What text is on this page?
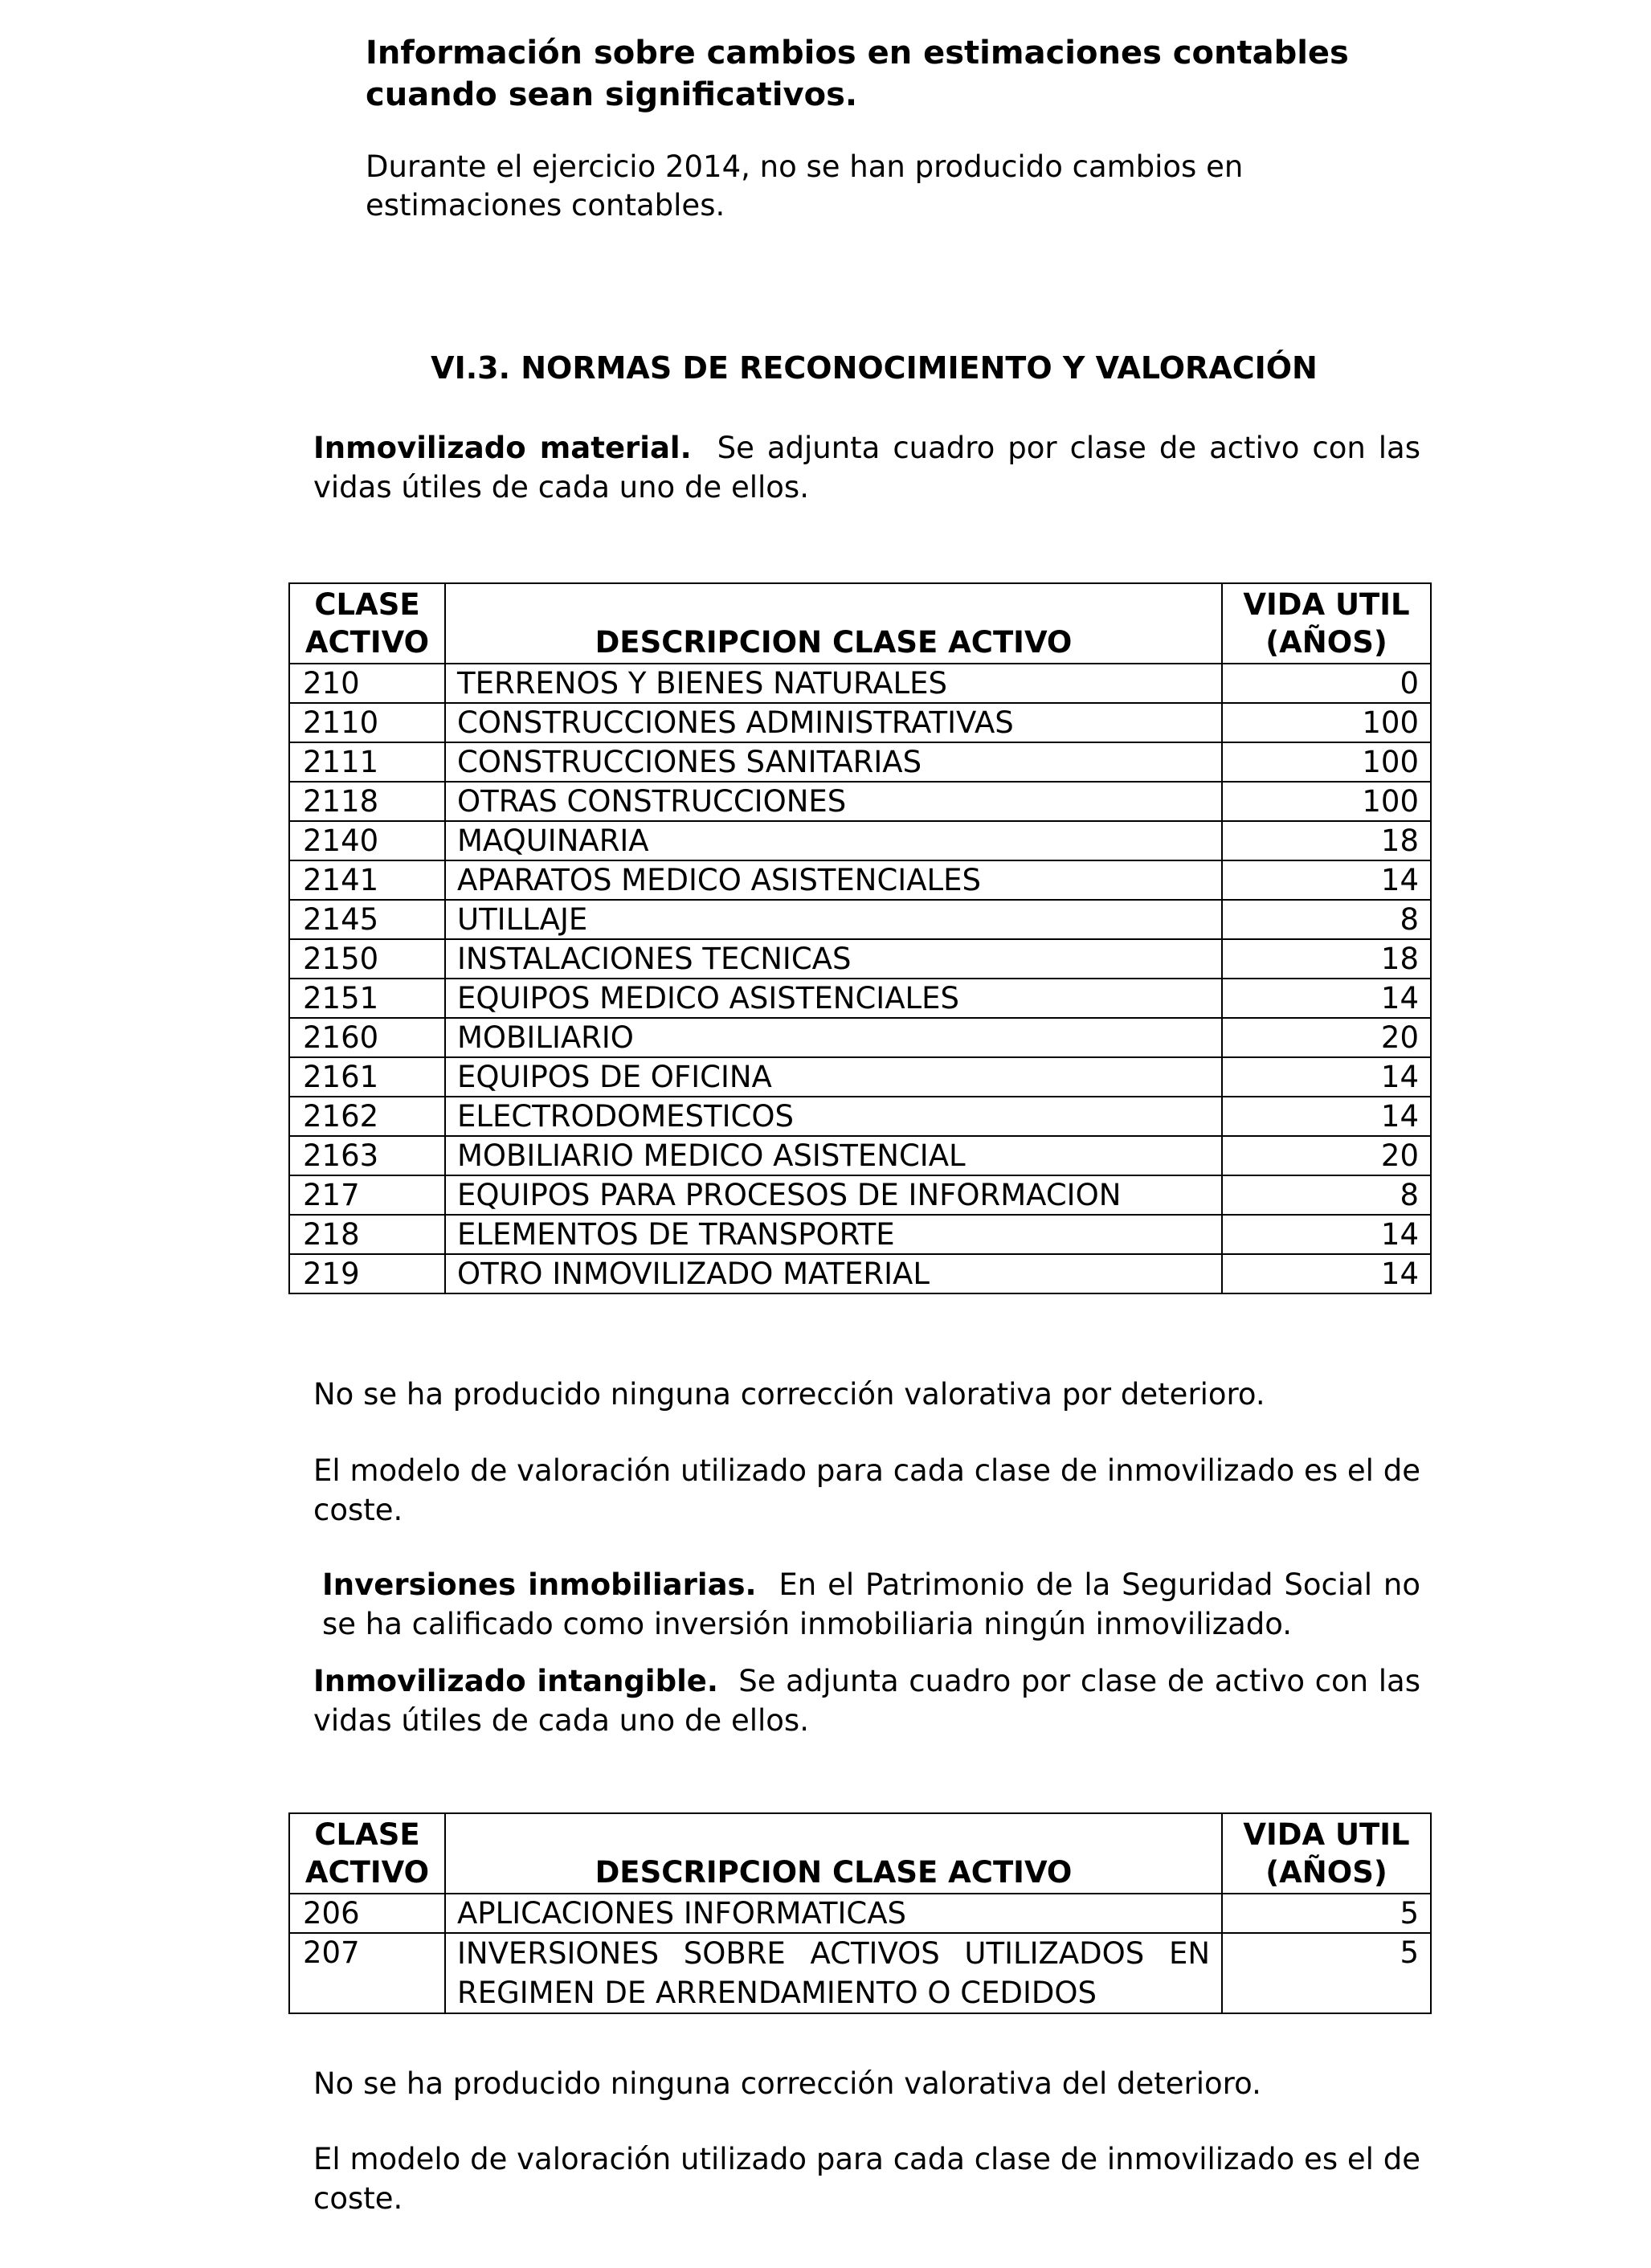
Información sobre cambios en estimaciones contables cuando sean significativos.

Durante el ejercicio 2014, no se han producido cambios en estimaciones contables.

VI.3. NORMAS DE RECONOCIMIENTO Y VALORACIÓN
Inmovilizado material. Se adjunta cuadro por clase de activo con las vidas útiles de cada uno de ellos.
CLASE ACTIVO	DESCRIPCION CLASE ACTIVO	VIDA UTIL (AÑOS)
210	TERRENOS Y BIENES NATURALES	0
2110	CONSTRUCCIONES ADMINISTRATIVAS	100
2111	CONSTRUCCIONES SANITARIAS	100
2118	OTRAS CONSTRUCCIONES	100
2140	MAQUINARIA	18
2141	APARATOS MEDICO ASISTENCIALES	14
2145	UTILLAJE	8
2150	INSTALACIONES TECNICAS	18
2151	EQUIPOS MEDICO ASISTENCIALES	14
2160	MOBILIARIO	20
2161	EQUIPOS DE OFICINA	14
2162	ELECTRODOMESTICOS	14
2163	MOBILIARIO MEDICO ASISTENCIAL	20
217	EQUIPOS PARA PROCESOS DE INFORMACION	8
218	ELEMENTOS DE TRANSPORTE	14
219	OTRO INMOVILIZADO MATERIAL	14
No se ha producido ninguna corrección valorativa por deterioro.
El modelo de valoración utilizado para cada clase de inmovilizado es el de coste.
Inversiones inmobiliarias. En el Patrimonio de la Seguridad Social no se ha calificado como inversión inmobiliaria ningún inmovilizado.
Inmovilizado intangible. Se adjunta cuadro por clase de activo con las vidas útiles de cada uno de ellos.
CLASE ACTIVO	DESCRIPCION CLASE ACTIVO	VIDA UTIL (AÑOS)
206	APLICACIONES INFORMATICAS	5
207	INVERSIONES SOBRE ACTIVOS UTILIZADOS EN REGIMEN DE ARRENDAMIENTO O CEDIDOS	5
No se ha producido ninguna corrección valorativa del deterioro.
El modelo de valoración utilizado para cada clase de inmovilizado es el de coste.
